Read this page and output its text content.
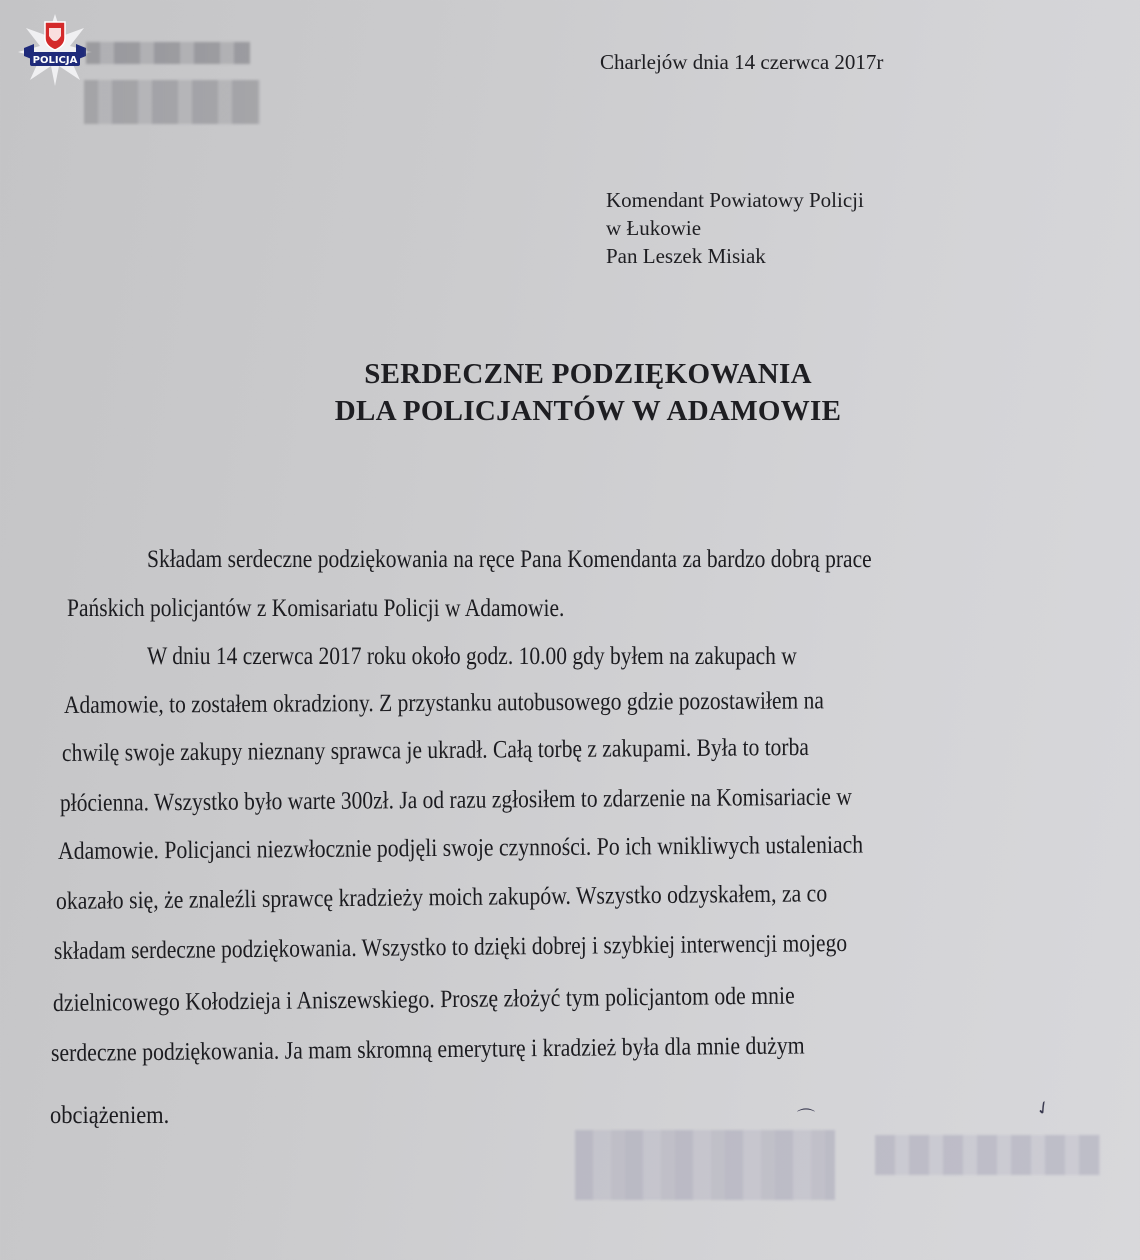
POLICJA	Charlejów dnia 14 czerwca 2017r
Komendant Powiatowy Policji
w Łukowie
Pan Leszek Misiak
SERDECZNE PODZIĘKOWANIA
DLA POLICJANTÓW W ADAMOWIE
Składam serdeczne podziękowania na ręce Pana Komendanta za bardzo dobrą prace
Pańskich policjantów z Komisariatu Policji w Adamowie.
W dniu 14 czerwca 2017 roku około godz. 10.00 gdy byłem na zakupach w
Adamowie, to zostałem okradziony. Z przystanku autobusowego gdzie pozostawiłem na
chwilę swoje zakupy nieznany sprawca je ukradł. Całą torbę z zakupami. Była to torba
płócienna. Wszystko było warte 300zł. Ja od razu zgłosiłem to zdarzenie na Komisariacie w
Adamowie. Policjanci niezwłocznie podjęli swoje czynności. Po ich wnikliwych ustaleniach
okazało się, że znaleźli sprawcę kradzieży moich zakupów. Wszystko odzyskałem, za co
składam serdeczne podziękowania. Wszystko to dzięki dobrej i szybkiej interwencji mojego
dzielnicowego Kołodzieja i Aniszewskiego. Proszę złożyć tym policjantom ode mnie
serdeczne podziękowania. Ja mam skromną emeryturę i kradzież była dla mnie dużym
obciążeniem.	⌒	✓
